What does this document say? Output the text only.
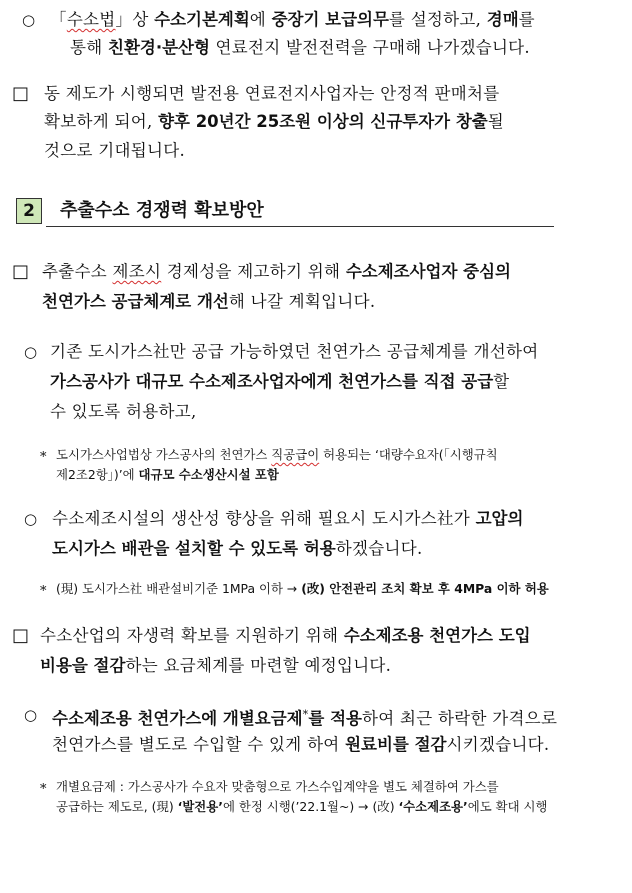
○ 「수소법」상 수소기본계획에 중장기 보급의무를 설정하고, 경매를
통해 친환경·분산형 연료전지 발전전력을 구매해 나가겠습니다.
□ 동 제도가 시행되면 발전용 연료전지사업자는 안정적 판매처를
확보하게 되어, 향후 20년간 25조원 이상의 신규투자가 창출될
것으로 기대됩니다.
2	추출수소 경쟁력 확보방안
□ 추출수소 제조시 경제성을 제고하기 위해 수소제조사업자 중심의
천연가스 공급체계로 개선해 나갈 계획입니다.
○ 기존 도시가스社만 공급 가능하였던 천연가스 공급체계를 개선하여
가스공사가 대규모 수소제조사업자에게 천연가스를 직접 공급할
수 있도록 허용하고,
* 도시가스사업법상 가스공사의 천연가스 직공급이 허용되는 ‘대량수요자(「시행규칙
제2조2항」)’에 대규모 수소생산시설 포함
○ 수소제조시설의 생산성 향상을 위해 필요시 도시가스社가 고압의
도시가스 배관을 설치할 수 있도록 허용하겠습니다.
* (現) 도시가스社 배관설비기준 1MPa 이하 → (改) 안전관리 조치 확보 후 4MPa 이하 허용
□ 수소산업의 자생력 확보를 지원하기 위해 수소제조용 천연가스 도입
비용을 절감하는 요금체계를 마련할 예정입니다.
○ 수소제조용 천연가스에 개별요금제*를 적용하여 최근 하락한 가격으로
천연가스를 별도로 수입할 수 있게 하여 원료비를 절감시키겠습니다.
* 개별요금제 : 가스공사가 수요자 맞춤형으로 가스수입계약을 별도 체결하여 가스를
공급하는 제도로, (現) ‘발전용’에 한정 시행(’22.1월~) → (改) ‘수소제조용’에도 확대 시행
